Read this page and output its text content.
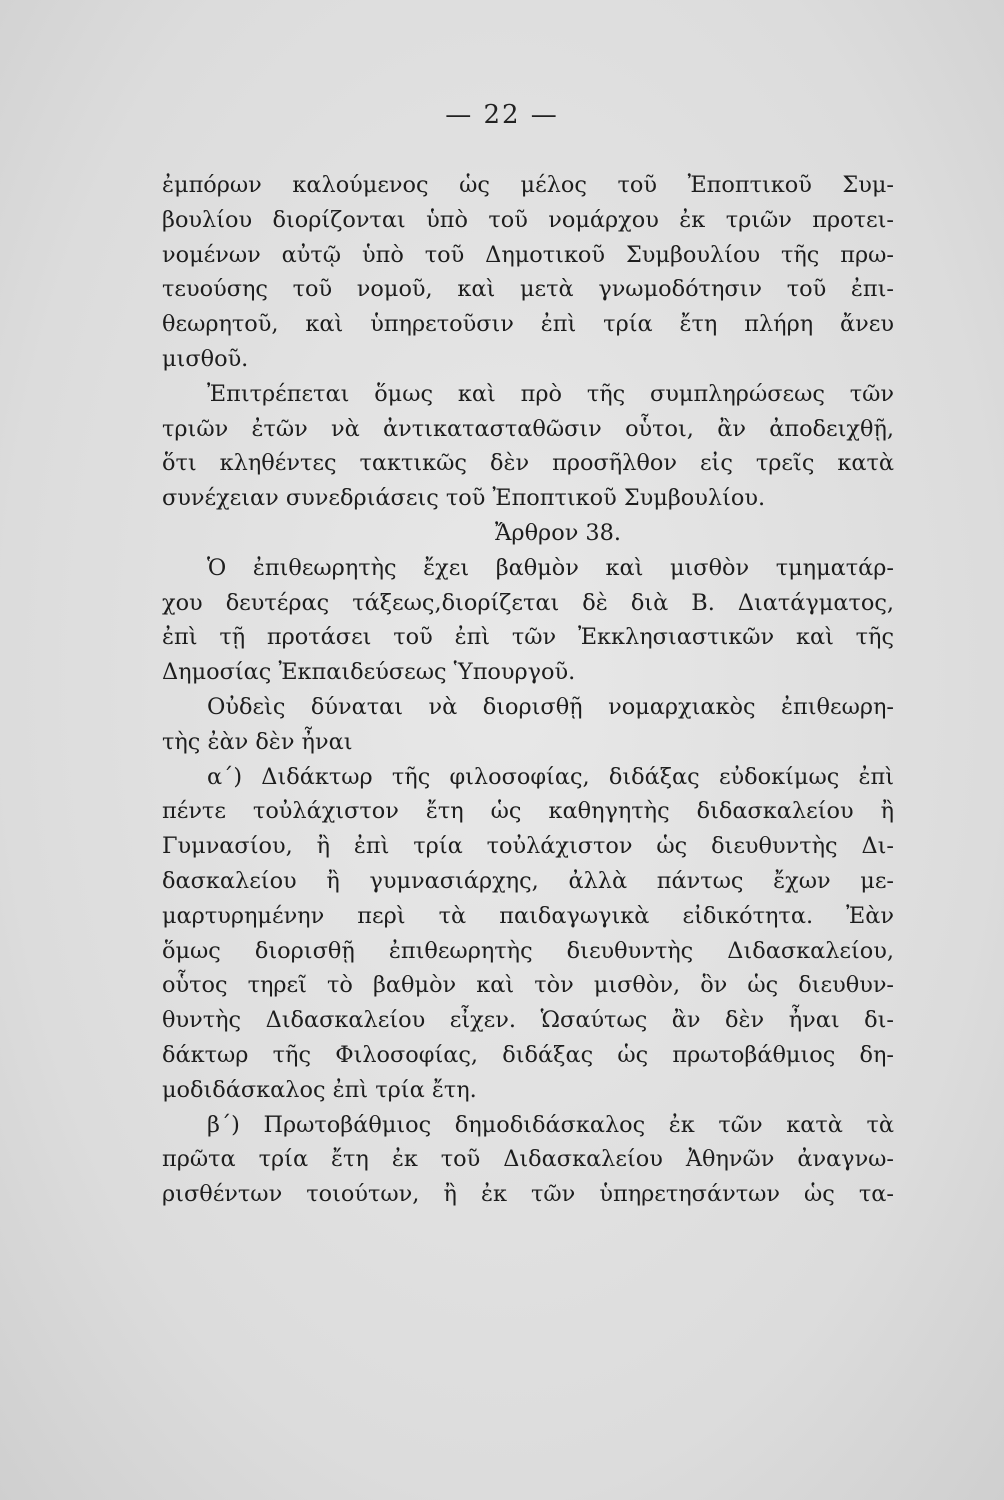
— 22 —
ἐμπόρων καλούμενος ὡς μέλος τοῦ Ἐποπτικοῦ Συμ-
βουλίου διορίζονται ὑπὸ τοῦ νομάρχου ἐκ τριῶν προτει-
νομένων αὐτῷ ὑπὸ τοῦ Δημοτικοῦ Συμβουλίου τῆς πρω-
τευούσης τοῦ νομοῦ, καὶ μετὰ γνωμοδότησιν τοῦ ἐπι-
θεωρητοῦ, καὶ ὑπηρετοῦσιν ἐπὶ τρία ἔτη πλήρη ἄνευ
μισθοῦ.
Ἐπιτρέπεται ὅμως καὶ πρὸ τῆς συμπληρώσεως τῶν
τριῶν ἐτῶν νὰ ἀντικατασταθῶσιν οὗτοι, ἂν ἀποδειχθῇ,
ὅτι κληθέντες τακτικῶς δὲν προσῆλθον εἰς τρεῖς κατὰ
συνέχειαν συνεδριάσεις τοῦ Ἐποπτικοῦ Συμβουλίου.
Ἄρθρον 38.
Ὁ ἐπιθεωρητὴς ἔχει βαθμὸν καὶ μισθὸν τμηματάρ-
χου δευτέρας τάξεως,διορίζεται δὲ διὰ Β. Διατάγματος,
ἐπὶ τῇ προτάσει τοῦ ἐπὶ τῶν Ἐκκλησιαστικῶν καὶ τῆς
Δημοσίας Ἐκπαιδεύσεως Ὑπουργοῦ.
Οὐδεὶς δύναται νὰ διορισθῇ νομαρχιακὸς ἐπιθεωρη-
τὴς ἐὰν δὲν ἦναι
α΄) Διδάκτωρ τῆς φιλοσοφίας, διδάξας εὐδοκίμως ἐπὶ
πέντε τοὐλάχιστον ἔτη ὡς καθηγητὴς διδασκαλείου ἢ
Γυμνασίου, ἢ ἐπὶ τρία τοὐλάχιστον ὡς διευθυντὴς Δι-
δασκαλείου ἢ γυμνασιάρχης, ἀλλὰ πάντως ἔχων με-
μαρτυρημένην περὶ τὰ παιδαγωγικὰ εἰδικότητα. Ἐὰν
ὅμως διορισθῇ ἐπιθεωρητὴς διευθυντὴς Διδασκαλείου,
οὗτος τηρεῖ τὸ βαθμὸν καὶ τὸν μισθὸν, ὃν ὡς διευθυν-
θυντὴς Διδασκαλείου εἶχεν. Ὡσαύτως ἂν δὲν ἦναι δι-
δάκτωρ τῆς Φιλοσοφίας, διδάξας ὡς πρωτοβάθμιος δη-
μοδιδάσκαλος ἐπὶ τρία ἔτη.
β΄) Πρωτοβάθμιος δημοδιδάσκαλος ἐκ τῶν κατὰ τὰ
πρῶτα τρία ἔτη ἐκ τοῦ Διδασκαλείου Ἀθηνῶν ἀναγνω-
ρισθέντων τοιούτων, ἢ ἐκ τῶν ὑπηρετησάντων ὡς τα-
